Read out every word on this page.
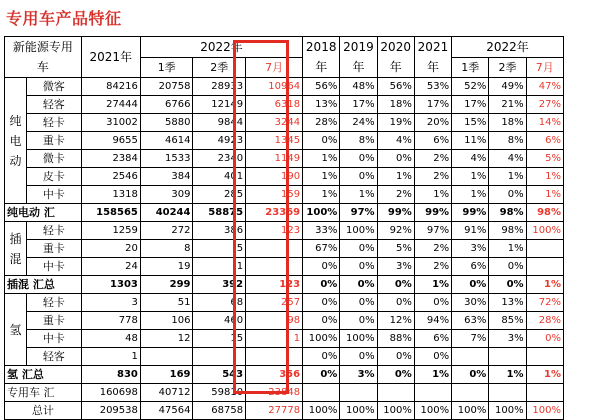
专用车产品特征
新能源专用车		2021年	2022年			2018年	2019年	2020年	2021年	2022年		
			1季	2季	7月					1季	2季	7月
纯电动	微客	84216	20758	28933	10964	56%	48%	56%	53%	52%	49%	47%
	轻客	27444	6766	12149	6318	13%	17%	18%	17%	17%	21%	27%
	轻卡	31002	5880	9844	3244	28%	24%	19%	20%	15%	18%	14%
	重卡	9655	4614	4923	1345	0%	8%	4%	6%	11%	8%	6%
	微卡	2384	1533	2340	1149	1%	0%	0%	2%	4%	4%	5%
	皮卡	2546	384	401	190	1%	0%	1%	2%	1%	1%	1%
	中卡	1318	309	285	159	1%	1%	2%	1%	1%	0%	1%
纯电动 汇		158565	40244	58875	23369	100%	97%	99%	99%	99%	98%	98%
插混	轻卡	1259	272	386	123	33%	100%	92%	97%	91%	98%	100%
	重卡	20	8	5		67%	0%	5%	2%	3%	1%	
	中卡	24	19	1		0%	0%	3%	2%	6%	0%	
插混 汇总		1303	299	392	123	0%	0%	0%	1%	0%	0%	1%
氢	轻卡	3	51	68	257	0%	0%	0%	0%	30%	13%	72%
	重卡	778	106	460	98	0%	0%	12%	94%	63%	85%	28%
	中卡	48	12	15	1	100%	100%	88%	6%	7%	3%	0%
	轻客	1				0%	0%	0%	0%			
氢 汇总		830	169	543	356	0%	3%	0%	1%	0%	1%	1%
专用车 汇		160698	40712	59810	23848							
总计		209538	47564	68758	27778	100%	100%	100%	100%	100%	100%	100%
